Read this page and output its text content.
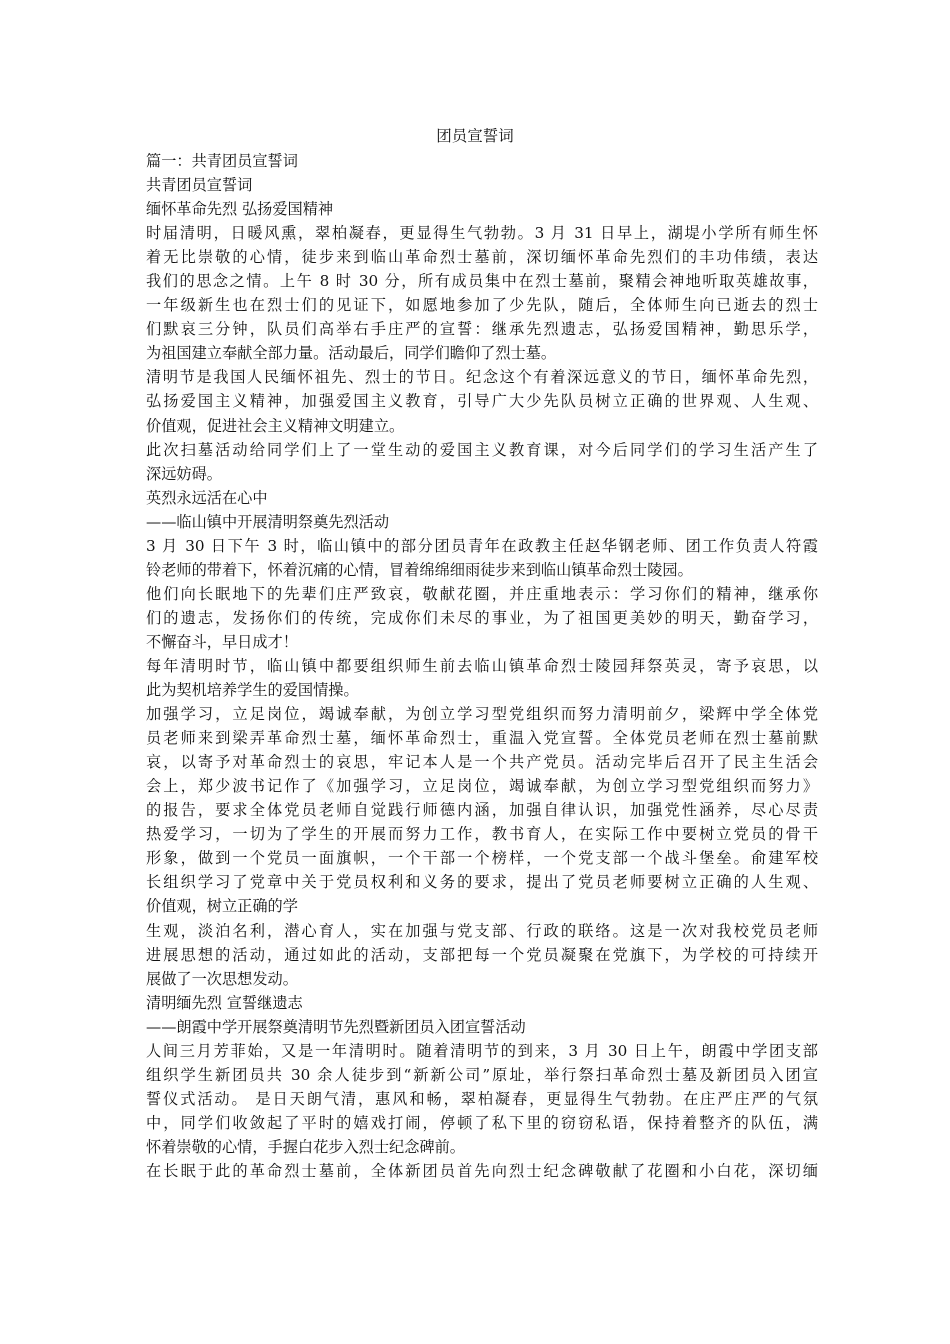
团员宣誓词
篇一：共青团员宣誓词
共青团员宣誓词
缅怀革命先烈 弘扬爱国精神
时届清明，日暖风熏，翠柏凝春，更显得生气勃勃。3 月 31 日早上，湖堤小学所有师生怀
着无比崇敬的心情，徒步来到临山革命烈士墓前，深切缅怀革命先烈们的丰功伟绩，表达
我们的思念之情。上午 8 时 30 分，所有成员集中在烈士墓前，聚精会神地听取英雄故事，
一年级新生也在烈士们的见证下，如愿地参加了少先队，随后，全体师生向已逝去的烈士
们默哀三分钟，队员们高举右手庄严的宣誓：继承先烈遗志，弘扬爱国精神，勤思乐学，
为祖国建立奉献全部力量。活动最后，同学们瞻仰了烈士墓。
清明节是我国人民缅怀祖先、烈士的节日。纪念这个有着深远意义的节日，缅怀革命先烈，
弘扬爱国主义精神，加强爱国主义教育，引导广大少先队员树立正确的世界观、人生观、
价值观，促进社会主义精神文明建立。
此次扫墓活动给同学们上了一堂生动的爱国主义教育课，对今后同学们的学习生活产生了
深远妨碍。
英烈永远活在心中
——临山镇中开展清明祭奠先烈活动
3 月 30 日下午 3 时，临山镇中的部分团员青年在政教主任赵华钢老师、团工作负责人符霞
铃老师的带着下，怀着沉痛的心情，冒着绵绵细雨徒步来到临山镇革命烈士陵园。
他们向长眠地下的先辈们庄严致哀，敬献花圈，并庄重地表示：学习你们的精神，继承你
们的遗志，发扬你们的传统，完成你们未尽的事业，为了祖国更美妙的明天，勤奋学习，
不懈奋斗，早日成才！
每年清明时节，临山镇中都要组织师生前去临山镇革命烈士陵园拜祭英灵，寄予哀思，以
此为契机培养学生的爱国情操。
加强学习，立足岗位，竭诚奉献，为创立学习型党组织而努力清明前夕，梁辉中学全体党
员老师来到梁弄革命烈士墓，缅怀革命烈士，重温入党宣誓。全体党员老师在烈士墓前默
哀，以寄予对革命烈士的哀思，牢记本人是一个共产党员。活动完毕后召开了民主生活会
会上，郑少波书记作了《加强学习，立足岗位，竭诚奉献，为创立学习型党组织而努力》
的报告，要求全体党员老师自觉践行师德内涵，加强自律认识，加强党性涵养，尽心尽责
热爱学习，一切为了学生的开展而努力工作，教书育人，在实际工作中要树立党员的骨干
形象，做到一个党员一面旗帜，一个干部一个榜样，一个党支部一个战斗堡垒。俞建军校
长组织学习了党章中关于党员权利和义务的要求，提出了党员老师要树立正确的人生观、
价值观，树立正确的学
生观，淡泊名利，潜心育人，实在加强与党支部、行政的联络。这是一次对我校党员老师
进展思想的活动，通过如此的活动，支部把每一个党员凝聚在党旗下，为学校的可持续开
展做了一次思想发动。
清明缅先烈 宣誓继遗志
——朗霞中学开展祭奠清明节先烈暨新团员入团宣誓活动
人间三月芳菲始，又是一年清明时。随着清明节的到来，3 月 30 日上午，朗霞中学团支部
组织学生新团员共 30 余人徒步到“新新公司”原址，举行祭扫革命烈士墓及新团员入团宣
誓仪式活动。 是日天朗气清，惠风和畅，翠柏凝春，更显得生气勃勃。在庄严庄严的气氛
中，同学们收敛起了平时的嬉戏打闹，停顿了私下里的窃窃私语，保持着整齐的队伍，满
怀着崇敬的心情，手握白花步入烈士纪念碑前。
在长眠于此的革命烈士墓前，全体新团员首先向烈士纪念碑敬献了花圈和小白花，深切缅
